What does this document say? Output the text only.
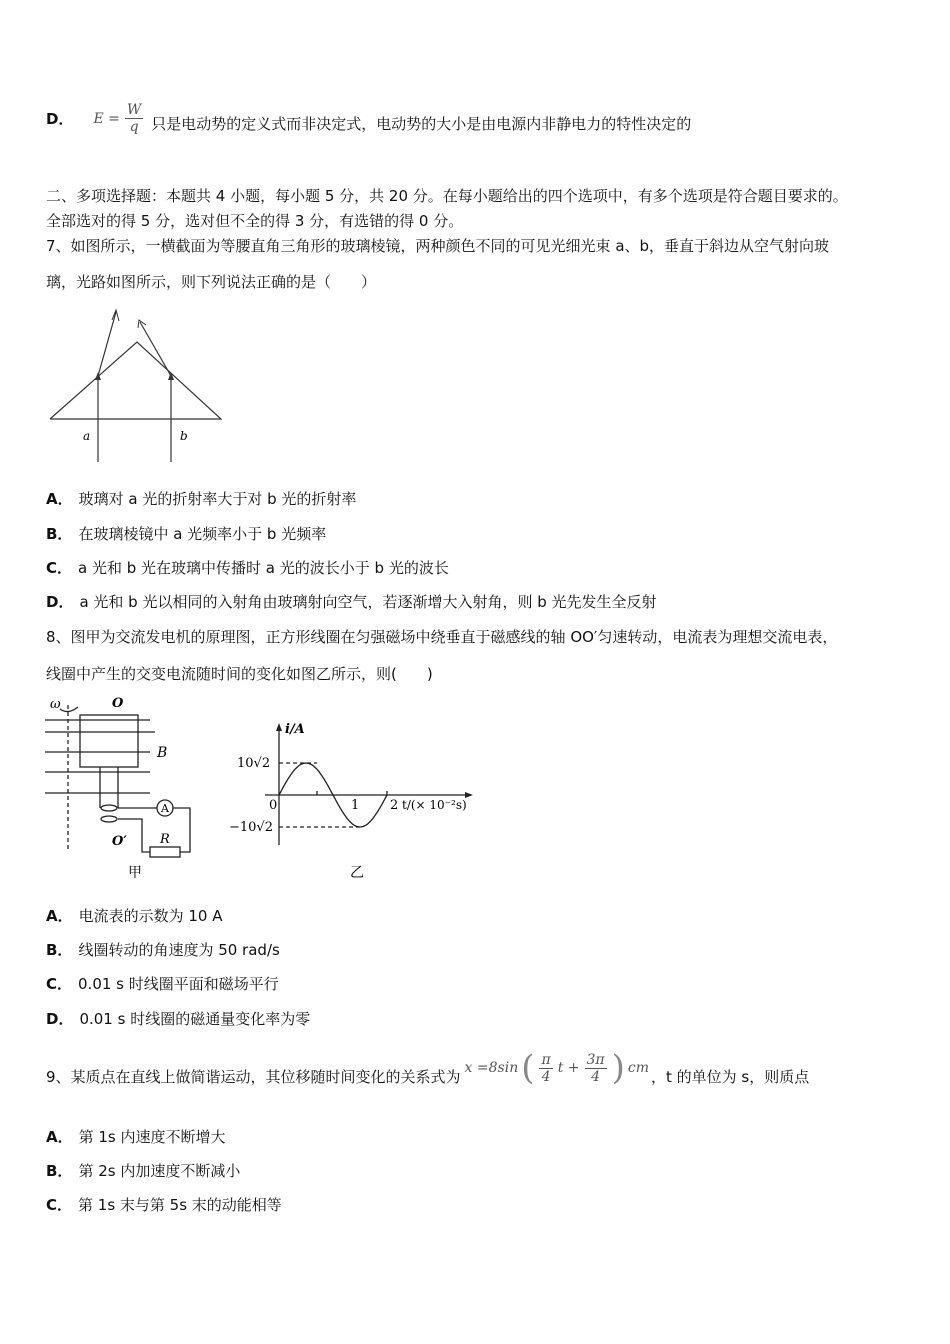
D． $E = \frac{W}{q}$ 只是电动势的定义式而非决定式，电动势的大小是由电源内非静电力的特性决定的
二、多项选择题：本题共 4 小题，每小题 5 分，共 20 分。在每小题给出的四个选项中，有多个选项是符合题目要求的。
全部选对的得 5 分，选对但不全的得 3 分，有选错的得 0 分。
7、如图所示，一横截面为等腰直角三角形的玻璃棱镜，两种颜色不同的可见光细光束 a、b，垂直于斜边从空气射向玻
璃，光路如图所示，则下列说法正确的是（　　）
a	b
A． 玻璃对 a 光的折射率大于对 b 光的折射率
B． 在玻璃棱镜中 a 光频率小于 b 光频率
C． a 光和 b 光在玻璃中传播时 a 光的波长小于 b 光的波长
D． a 光和 b 光以相同的入射角由玻璃射向空气，若逐渐增大入射角，则 b 光先发生全反射
8、图甲为交流发电机的原理图，正方形线圈在匀强磁场中绕垂直于磁感线的轴 OO′匀速转动，电流表为理想交流电表，
线圈中产生的交变电流随时间的变化如图乙所示，则(　　)
ω	O
B
A
R
O′
甲
i/A
10√2
−10√2
0	1 2 t/(× 10⁻²s)
乙
A． 电流表的示数为 10 A
B． 线圈转动的角速度为 50 rad/s
C． 0.01 s 时线圈平面和磁场平行
D． 0.01 s 时线圈的磁通量变化率为零
9、某质点在直线上做简谐运动，其位移随时间变化的关系式为 x =8sin ( $\frac{\pi}{4}$ $t + \frac{3\pi}{4}$ ) cm ，t 的单位为 s，则质点
A． 第 1s 内速度不断增大
B． 第 2s 内加速度不断减小
C． 第 1s 末与第 5s 末的动能相等
